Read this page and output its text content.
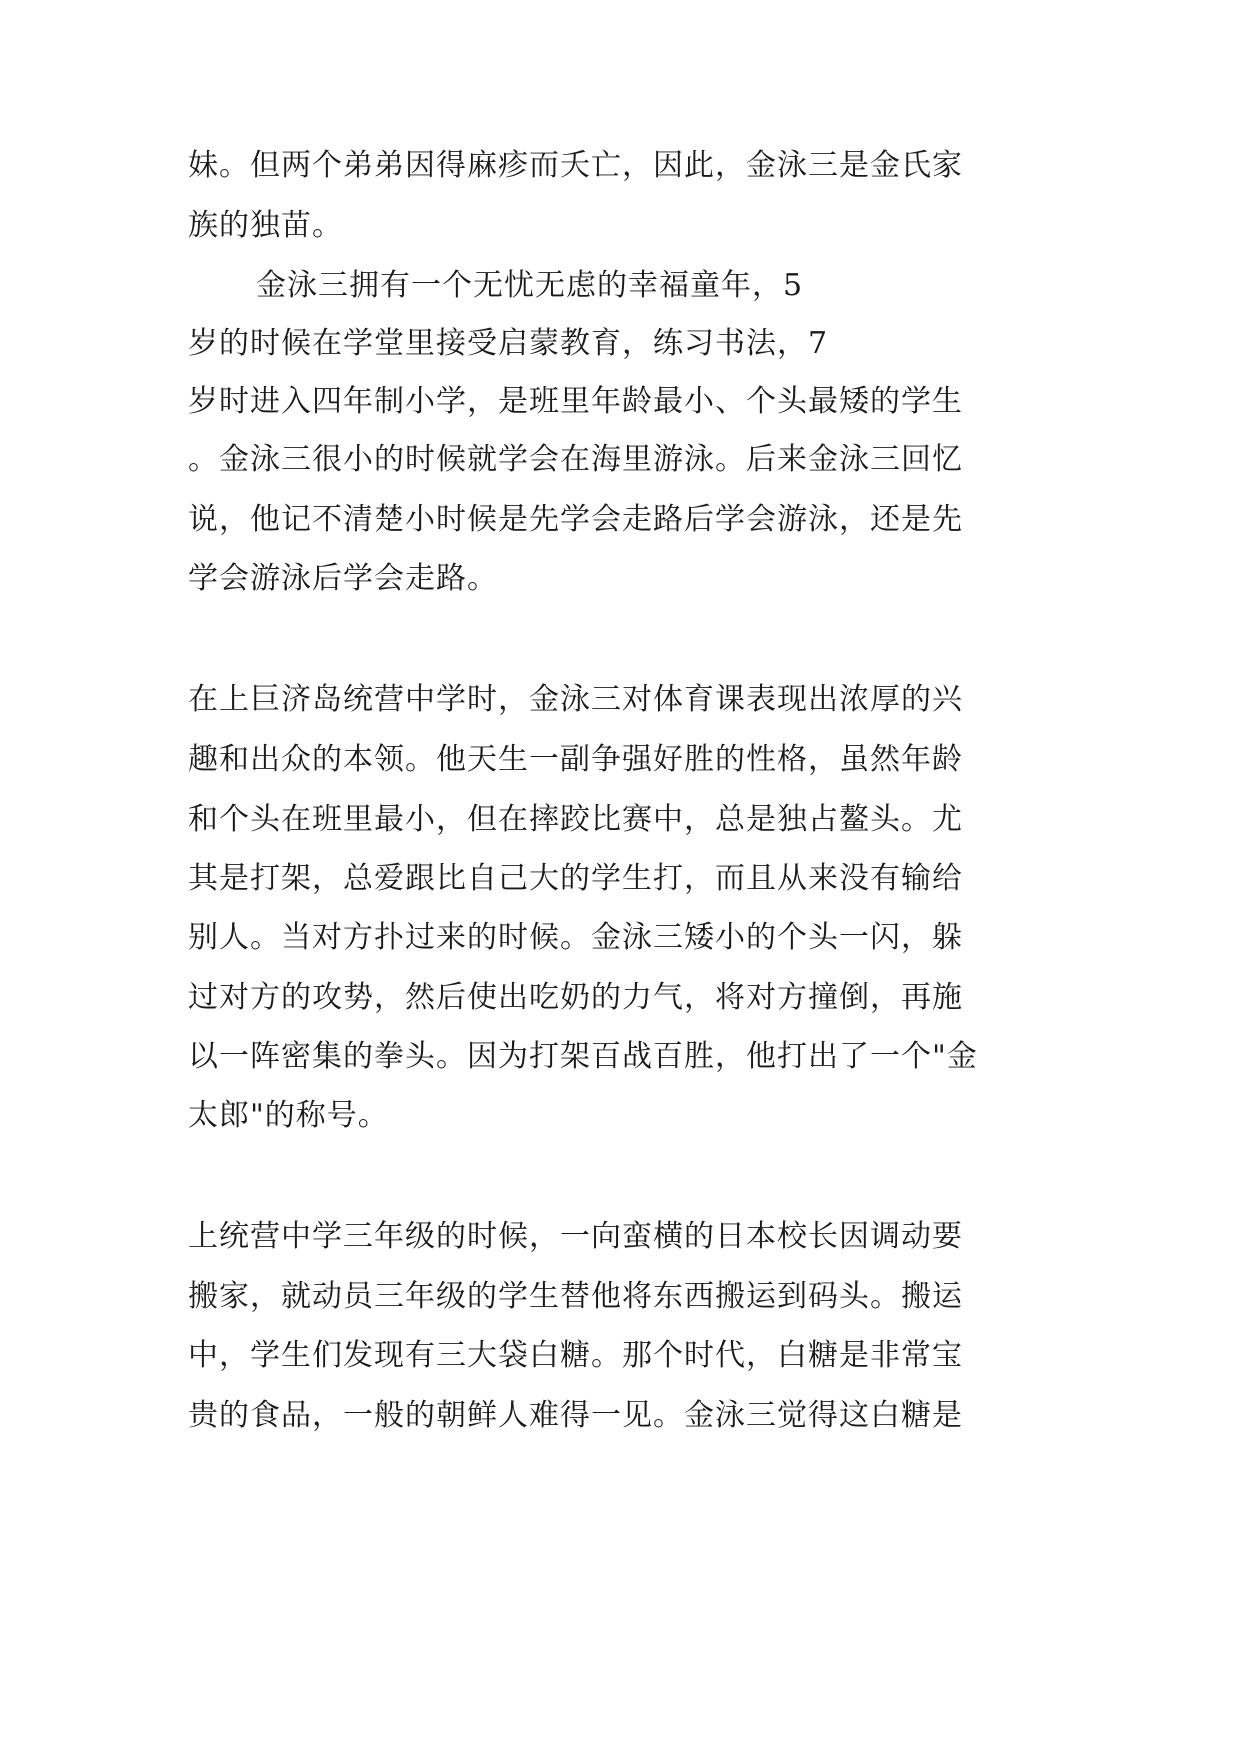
妹。但两个弟弟因得麻疹而夭亡，因此，金泳三是金氏家
族的独苗。
金泳三拥有一个无忧无虑的幸福童年，5
岁的时候在学堂里接受启蒙教育，练习书法，7
岁时进入四年制小学，是班里年龄最小、个头最矮的学生
。金泳三很小的时候就学会在海里游泳。后来金泳三回忆
说，他记不清楚小时候是先学会走路后学会游泳，还是先
学会游泳后学会走路。
在上巨济岛统营中学时，金泳三对体育课表现出浓厚的兴
趣和出众的本领。他天生一副争强好胜的性格，虽然年龄
和个头在班里最小，但在摔跤比赛中，总是独占鳌头。尤
其是打架，总爱跟比自己大的学生打，而且从来没有输给
别人。当对方扑过来的时候。金泳三矮小的个头一闪，躲
过对方的攻势，然后使出吃奶的力气，将对方撞倒，再施
以一阵密集的拳头。因为打架百战百胜，他打出了一个"金
太郎"的称号。
上统营中学三年级的时候，一向蛮横的日本校长因调动要
搬家，就动员三年级的学生替他将东西搬运到码头。搬运
中，学生们发现有三大袋白糖。那个时代，白糖是非常宝
贵的食品，一般的朝鲜人难得一见。金泳三觉得这白糖是
